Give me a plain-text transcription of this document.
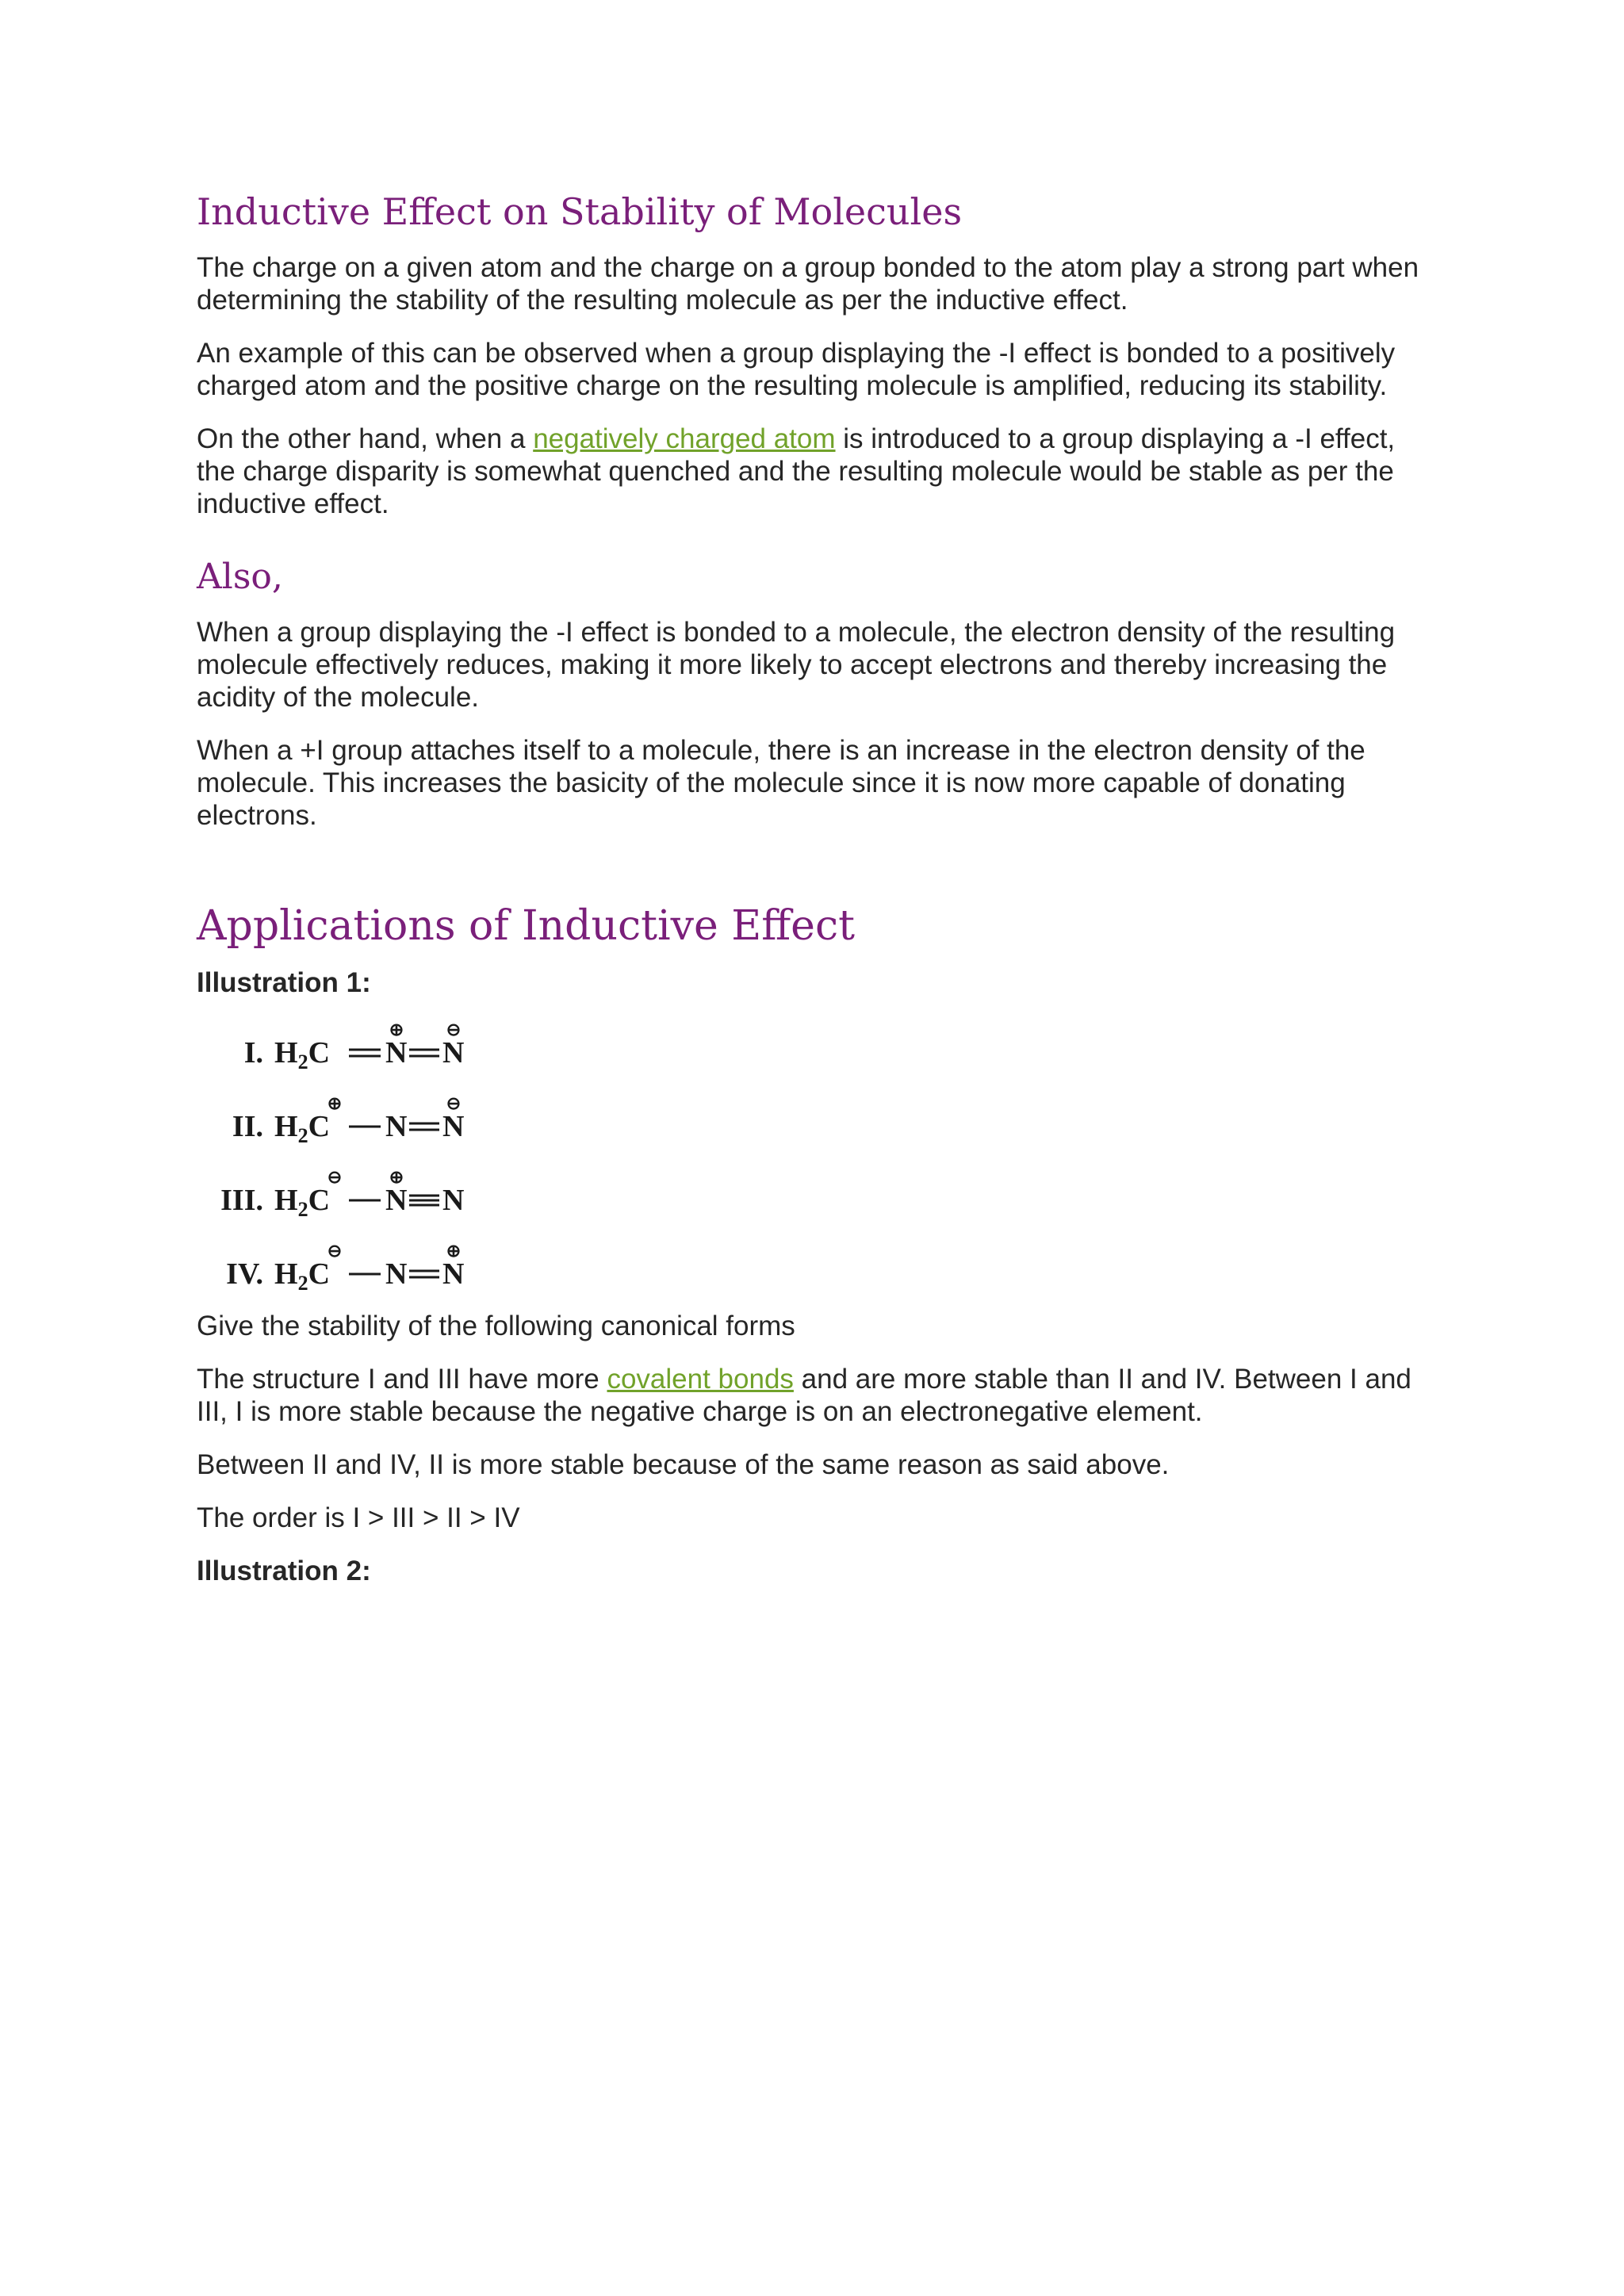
Inductive Effect on Stability of Molecules

The charge on a given atom and the charge on a group bonded to the atom play a strong part when determining the stability of the resulting molecule as per the inductive effect.

An example of this can be observed when a group displaying the -I effect is bonded to a positively charged atom and the positive charge on the resulting molecule is amplified, reducing its stability.

On the other hand, when a negatively charged atom is introduced to a group displaying a -I effect, the charge disparity is somewhat quenched and the resulting molecule would be stable as per the inductive effect.

Also,

When a group displaying the -I effect is bonded to a molecule, the electron density of the resulting molecule effectively reduces, making it more likely to accept electrons and thereby increasing the acidity of the molecule.

When a +I group attaches itself to a molecule, there is an increase in the electron density of the molecule. This increases the basicity of the molecule since it is now more capable of donating electrons.

Applications of Inductive Effect

Illustration 1:

I. $H_2C$ N N
⊕ ⊖
II. $H_2C$ N N
⊕	⊖
III. $H_2C$ N N
⊖	⊕
IV. $H_2C$ N N
⊖	⊕

Give the stability of the following canonical forms

The structure I and III have more covalent bonds and are more stable than II and IV. Between I and III, I is more stable because the negative charge is on an electronegative element.

Between II and IV, II is more stable because of the same reason as said above.

The order is I > III > II > IV

Illustration 2:
